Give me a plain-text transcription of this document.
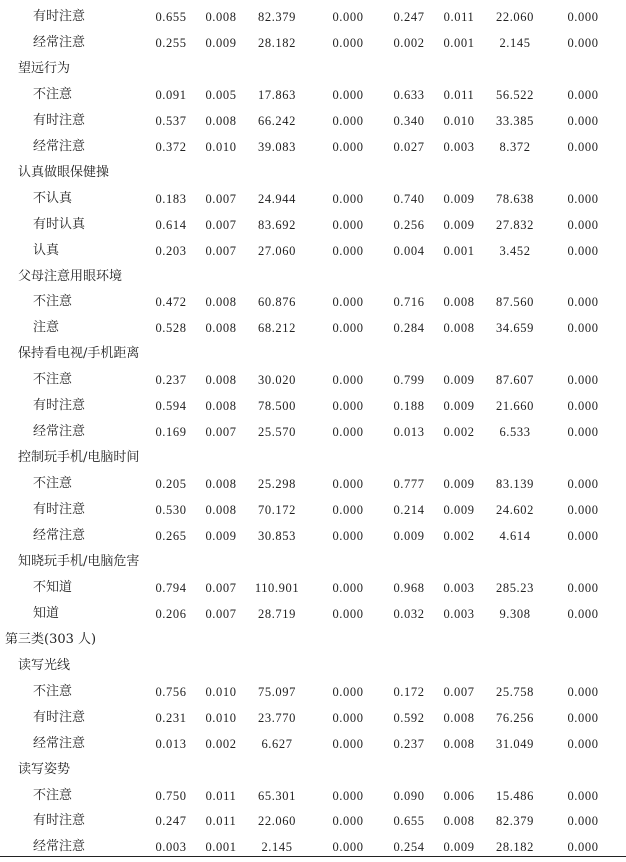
有时注意	0.655	0.008	82.379	0.000	0.247	0.011	22.060	0.000
经常注意	0.255	0.009	28.182	0.000	0.002	0.001	2.145	0.000
望远行为
不注意	0.091	0.005	17.863	0.000	0.633	0.011	56.522	0.000
有时注意	0.537	0.008	66.242	0.000	0.340	0.010	33.385	0.000
经常注意	0.372	0.010	39.083	0.000	0.027	0.003	8.372	0.000
认真做眼保健操
不认真	0.183	0.007	24.944	0.000	0.740	0.009	78.638	0.000
有时认真	0.614	0.007	83.692	0.000	0.256	0.009	27.832	0.000
认真	0.203	0.007	27.060	0.000	0.004	0.001	3.452	0.000
父母注意用眼环境
不注意	0.472	0.008	60.876	0.000	0.716	0.008	87.560	0.000
注意	0.528	0.008	68.212	0.000	0.284	0.008	34.659	0.000
保持看电视/手机距离
不注意	0.237	0.008	30.020	0.000	0.799	0.009	87.607	0.000
有时注意	0.594	0.008	78.500	0.000	0.188	0.009	21.660	0.000
经常注意	0.169	0.007	25.570	0.000	0.013	0.002	6.533	0.000
控制玩手机/电脑时间
不注意	0.205	0.008	25.298	0.000	0.777	0.009	83.139	0.000
有时注意	0.530	0.008	70.172	0.000	0.214	0.009	24.602	0.000
经常注意	0.265	0.009	30.853	0.000	0.009	0.002	4.614	0.000
知晓玩手机/电脑危害
不知道	0.794	0.007	110.901	0.000	0.968	0.003	285.23	0.000
知道	0.206	0.007	28.719	0.000	0.032	0.003	9.308	0.000
第三类(303 人)
读写光线
不注意	0.756	0.010	75.097	0.000	0.172	0.007	25.758	0.000
有时注意	0.231	0.010	23.770	0.000	0.592	0.008	76.256	0.000
经常注意	0.013	0.002	6.627	0.000	0.237	0.008	31.049	0.000
读写姿势
不注意	0.750	0.011	65.301	0.000	0.090	0.006	15.486	0.000
有时注意	0.247	0.011	22.060	0.000	0.655	0.008	82.379	0.000
经常注意	0.003	0.001	2.145	0.000	0.254	0.009	28.182	0.000
